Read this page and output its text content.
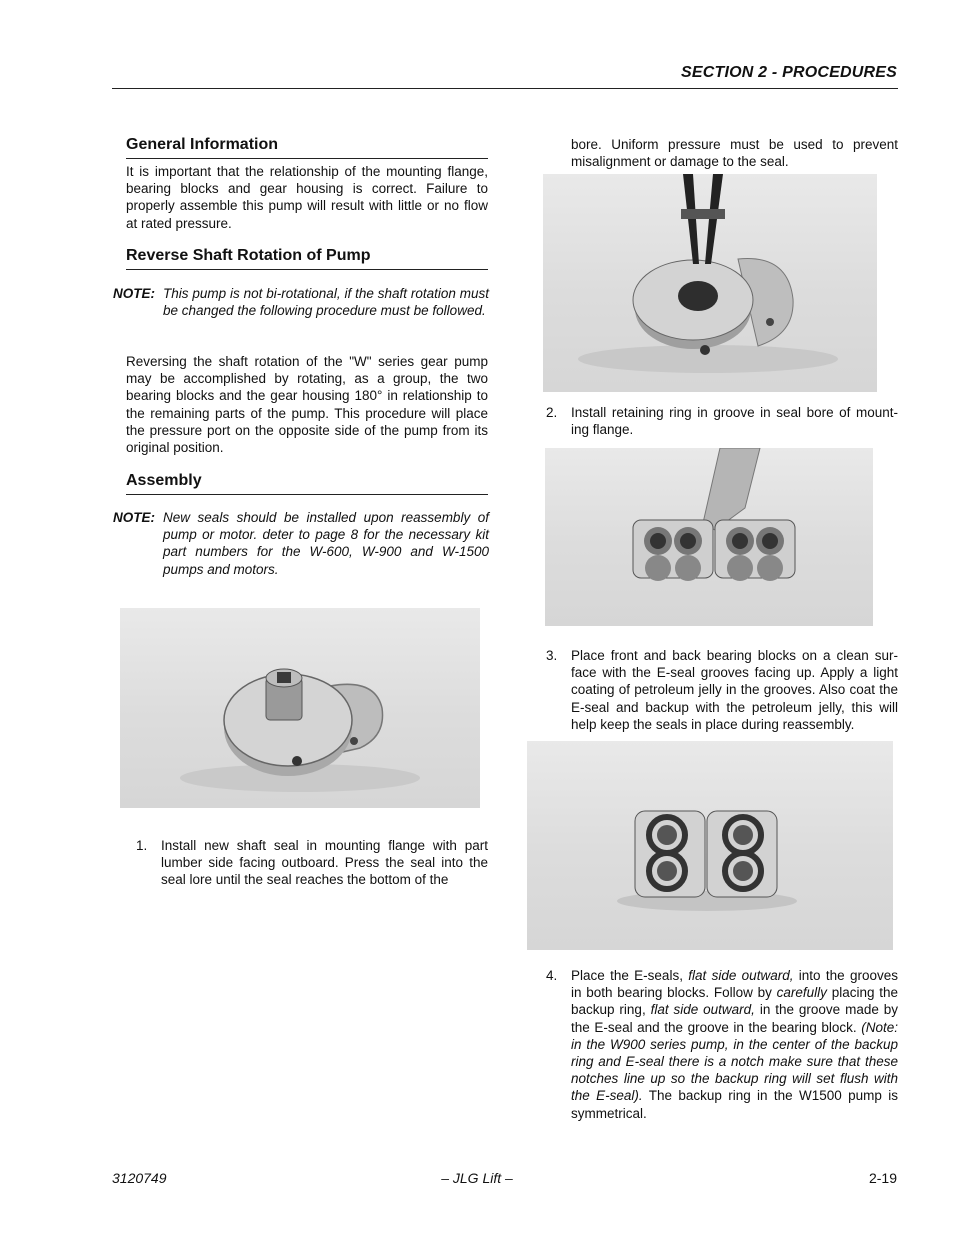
SECTION 2 - PROCEDURES
General Information

It is important that the relationship of the mounting flange, bearing blocks and gear housing is correct. Failure to properly assemble this pump will result with little or no flow at rated pressure.

Reverse Shaft Rotation of Pump
NOTE: This pump is not bi-rotational, if the shaft rotation must be changed the following procedure must be followed.

Reversing the shaft rotation of the "W" series gear pump may be accomplished by rotating, as a group, the two bearing blocks and the gear housing 180° in relationship to the remaining parts of the pump. This procedure will place the pressure port on the opposite side of the pump from its original position.

Assembly
NOTE: New seals should be installed upon reassembly of pump or motor. deter to page 8 for the necessary kit part numbers for the W-600, W-900 and W-1500 pumps and motors.
1. Install new shaft seal in mounting flange with part lumber side facing outboard. Press the seal into the seal lore until the seal reaches the bottom of the

bore. Uniform pressure must be used to prevent misalignment or damage to the seal.

2. Install retaining ring in groove in seal bore of mount-ing flange.
3. Place front and back bearing blocks on a clean sur-face with the E-seal grooves facing up. Apply a light coating of petroleum jelly in the grooves. Also coat the E-seal and backup with the petroleum jelly, this will help keep the seals in place during reassembly.
4. Place the E-seals, flat side outward, into the grooves in both bearing blocks. Follow by carefully placing the backup ring, flat side outward, in the groove made by the E-seal and the groove in the bearing block. (Note: in the W900 series pump, in the center of the backup ring and E-seal there is a notch make sure that these notches line up so the backup ring will set flush with the E-seal). The backup ring in the W1500 pump is symmetrical.
3120749	– JLG Lift –	2-19
